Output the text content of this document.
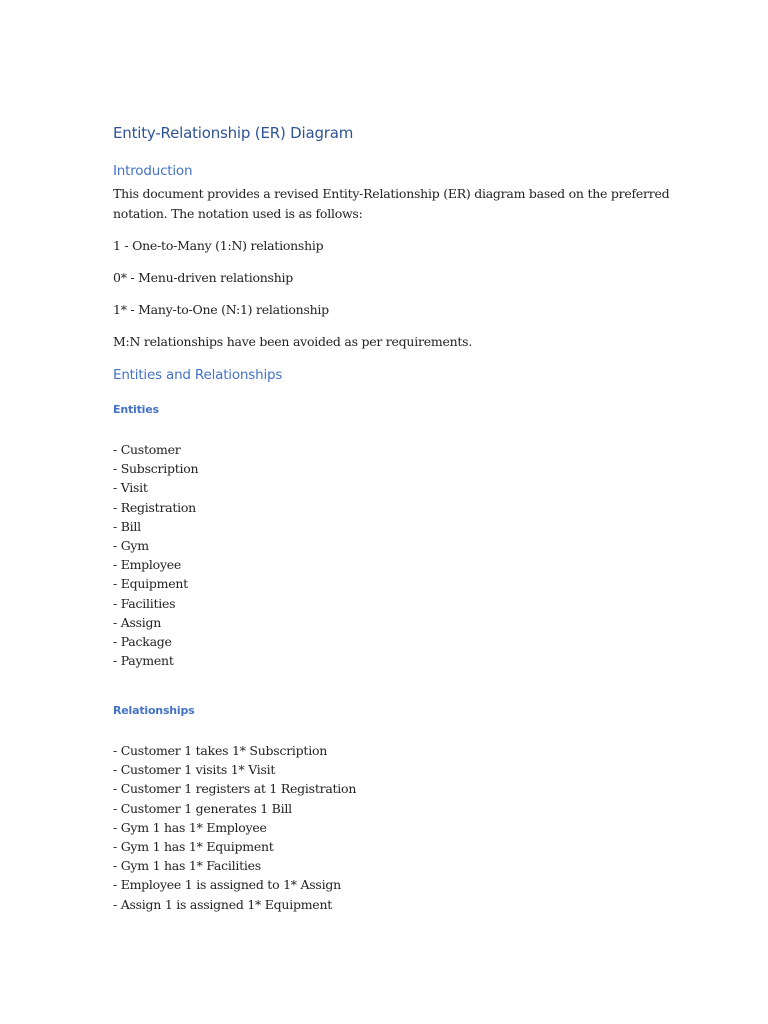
Entity-Relationship (ER) Diagram
Introduction

This document provides a revised Entity-Relationship (ER) diagram based on the preferred
notation. The notation used is as follows:

1 - One-to-Many (1:N) relationship

0* - Menu-driven relationship

1* - Many-to-One (N:1) relationship

M:N relationships have been avoided as per requirements.

Entities and Relationships
Entities
- Customer
- Subscription
- Visit
- Registration
- Bill
- Gym
- Employee
- Equipment
- Facilities
- Assign
- Package
- Payment
Relationships
- Customer 1 takes 1* Subscription
- Customer 1 visits 1* Visit
- Customer 1 registers at 1 Registration
- Customer 1 generates 1 Bill
- Gym 1 has 1* Employee
- Gym 1 has 1* Equipment
- Gym 1 has 1* Facilities
- Employee 1 is assigned to 1* Assign
- Assign 1 is assigned 1* Equipment
